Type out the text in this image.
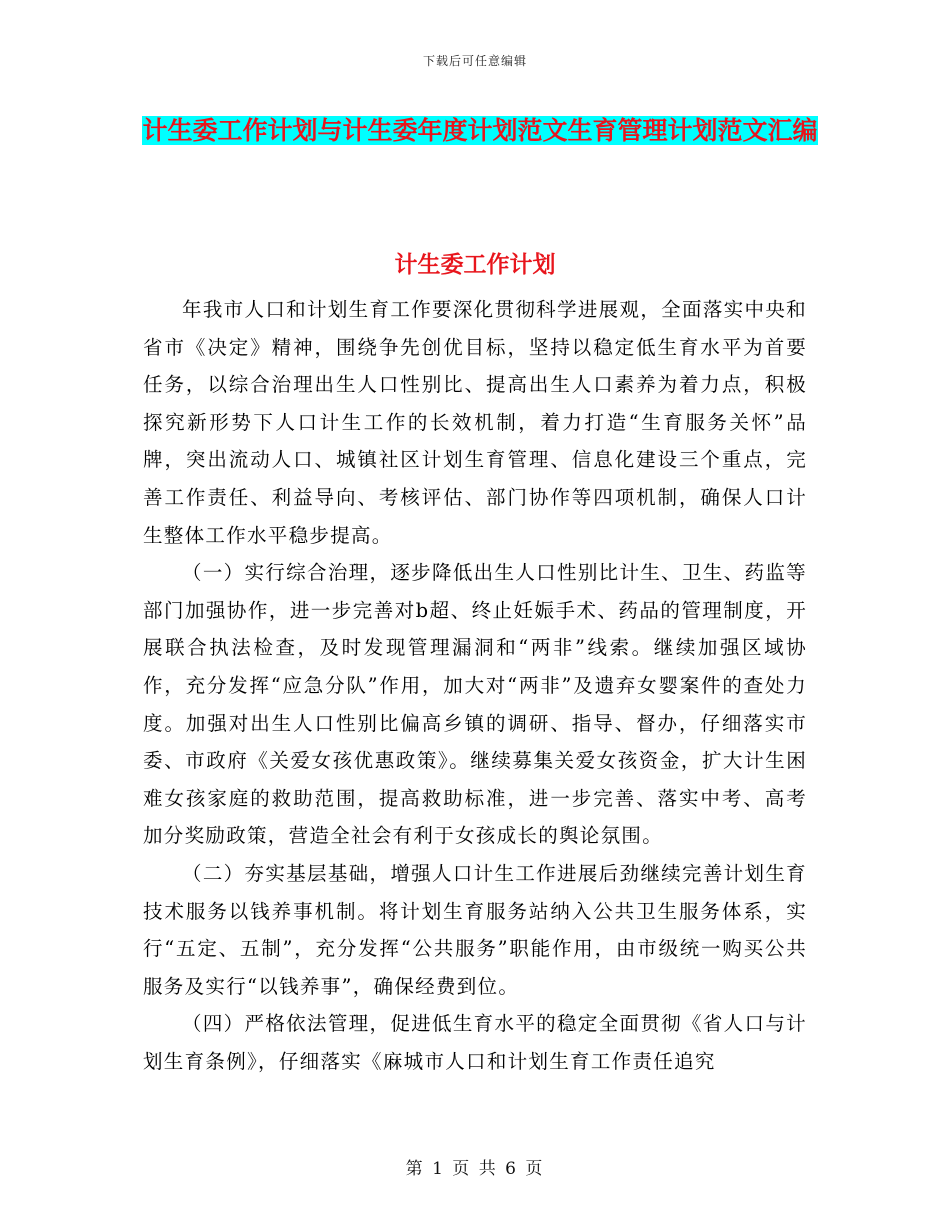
下载后可任意编辑
计生委工作计划与计生委年度计划范文生育管理计划范文汇编
计生委工作计划

年我市人口和计划生育工作要深化贯彻科学进展观，全面落实中央和省市《决定》精神，围绕争先创优目标，坚持以稳定低生育水平为首要任务，以综合治理出生人口性别比、提高出生人口素养为着力点，积极探究新形势下人口计生工作的长效机制，着力打造“生育服务关怀”品牌，突出流动人口、城镇社区计划生育管理、信息化建设三个重点，完善工作责任、利益导向、考核评估、部门协作等四项机制，确保人口计生整体工作水平稳步提高。

（一）实行综合治理，逐步降低出生人口性别比计生、卫生、药监等部门加强协作，进一步完善对b超、终止妊娠手术、药品的管理制度，开展联合执法检查，及时发现管理漏洞和“两非”线索。继续加强区域协作，充分发挥“应急分队”作用，加大对“两非”及遗弃女婴案件的查处力度。加强对出生人口性别比偏高乡镇的调研、指导、督办，仔细落实市委、市政府《关爱女孩优惠政策》。继续募集关爱女孩资金，扩大计生困难女孩家庭的救助范围，提高救助标准，进一步完善、落实中考、高考加分奖励政策，营造全社会有利于女孩成长的舆论氛围。

（二）夯实基层基础，增强人口计生工作进展后劲继续完善计划生育技术服务以钱养事机制。将计划生育服务站纳入公共卫生服务体系，实行“五定、五制”，充分发挥“公共服务”职能作用，由市级统一购买公共服务及实行“以钱养事”，确保经费到位。

（四）严格依法管理，促进低生育水平的稳定全面贯彻《省人口与计划生育条例》，仔细落实《麻城市人口和计划生育工作责任追究

第 1 页 共 6 页
